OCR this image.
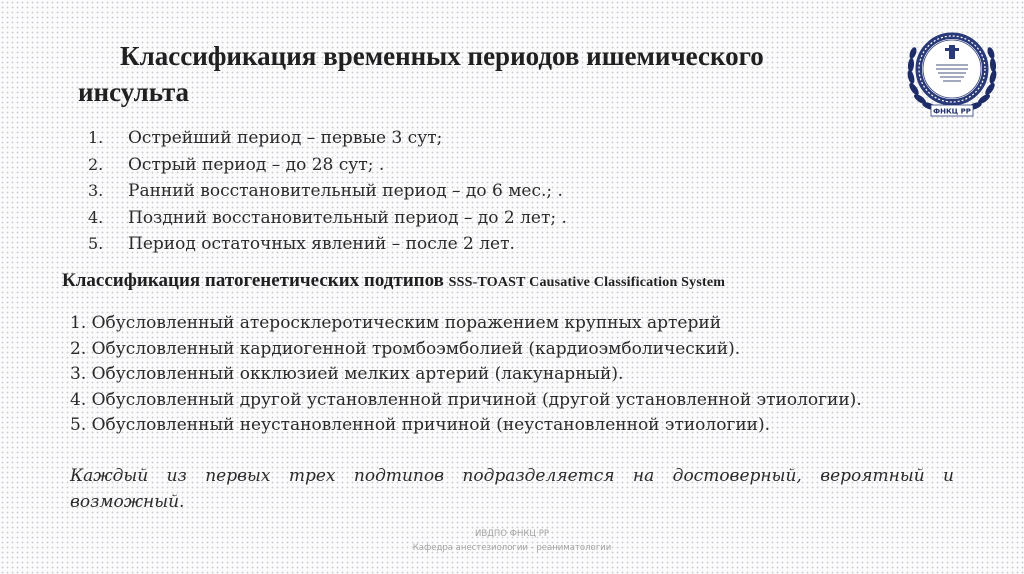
Классификация временных периодов ишемического
инсульта
ФНКЦ РР
1.	Острейший период – первые 3 сут;
2.	Острый период – до 28 сут; .
3.	Ранний восстановительный период – до 6 мес.; .
4.	Поздний восстановительный период – до 2 лет; .
5.	Период остаточных явлений – после 2 лет.
Классификация патогенетических подтипов SSS-TOAST Causative Classification System
1. Обусловленный атеросклеротическим поражением крупных артерий
2. Обусловленный кардиогенной тромбоэмболией (кардиоэмболический).
3. Обусловленный окклюзией мелких артерий (лакунарный).
4. Обусловленный другой установленной причиной (другой установленной этиологии).
5. Обусловленный неустановленной причиной (неустановленной этиологии).

Каждый из первых трех подтипов подразделяется на достоверный, вероятный и возможный.

ИВДПО ФНКЦ РР
Кафедра анестезиологии - реаниматологии
